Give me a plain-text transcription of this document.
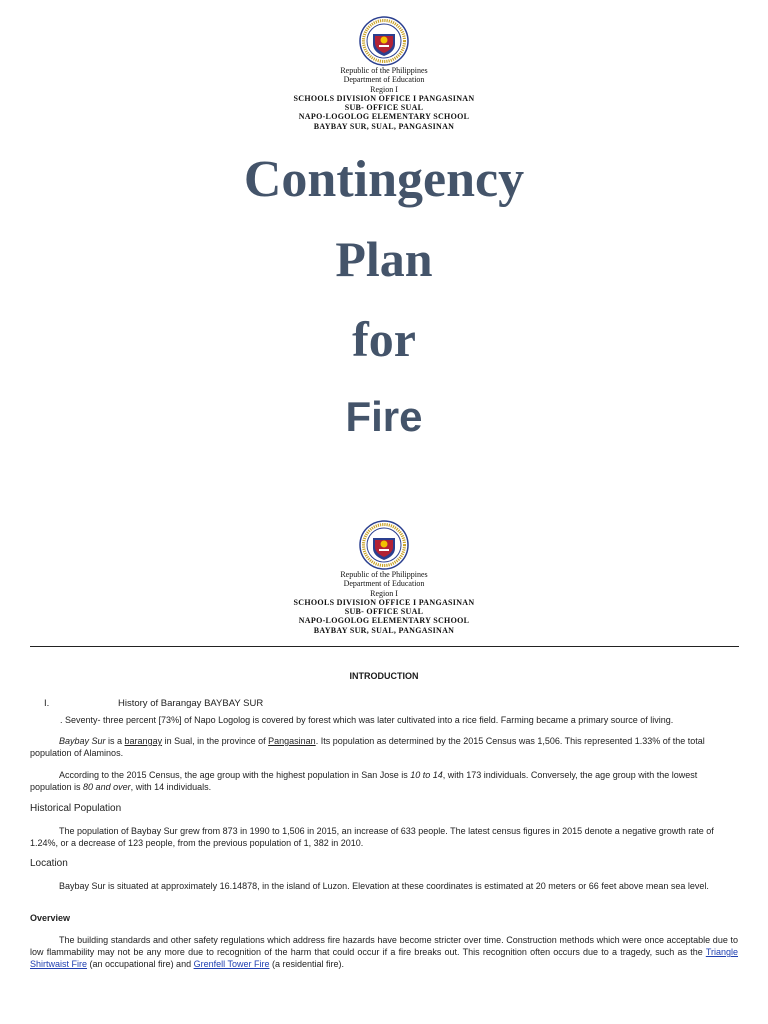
Republic of the Philippines
Department of Education
Region I
SCHOOLS DIVISION OFFICE I PANGASINAN
SUB- OFFICE SUAL
NAPO-LOGOLOG ELEMENTARY SCHOOL
BAYBAY SUR, SUAL, PANGASINAN
Contingency
Plan
for
Fire
Republic of the Philippines
Department of Education
Region I
SCHOOLS DIVISION OFFICE I PANGASINAN
SUB- OFFICE SUAL
NAPO-LOGOLOG ELEMENTARY SCHOOL
BAYBAY SUR, SUAL, PANGASINAN
INTRODUCTION
I.	History of Barangay BAYBAY SUR
. Seventy- three percent [73%] of Napo Logolog is covered by forest which was later cultivated into a rice field. Farming became a primary source of living.
Baybay Sur is a barangay in Sual, in the province of Pangasinan. Its population as determined by the 2015 Census was 1,506. This represented 1.33% of the total population of Alaminos.
According to the 2015 Census, the age group with the highest population in San Jose is 10 to 14, with 173 individuals. Conversely, the age group with the lowest population is 80 and over, with 14 individuals.
Historical Population
The population of Baybay Sur grew from 873 in 1990 to 1,506 in 2015, an increase of 633 people. The latest census figures in 2015 denote a negative growth rate of 1.24%, or a decrease of 123 people, from the previous population of 1, 382 in 2010.
Location
Baybay Sur is situated at approximately 16.14878, in the island of Luzon. Elevation at these coordinates is estimated at 20 meters or 66 feet above mean sea level.
Overview
The building standards and other safety regulations which address fire hazards have become stricter over time. Construction methods which were once acceptable due to low flammability may not be any more due to recognition of the harm that could occur if a fire breaks out. This recognition often occurs due to a tragedy, such as the Triangle Shirtwaist Fire (an occupational fire) and Grenfell Tower Fire (a residential fire).
